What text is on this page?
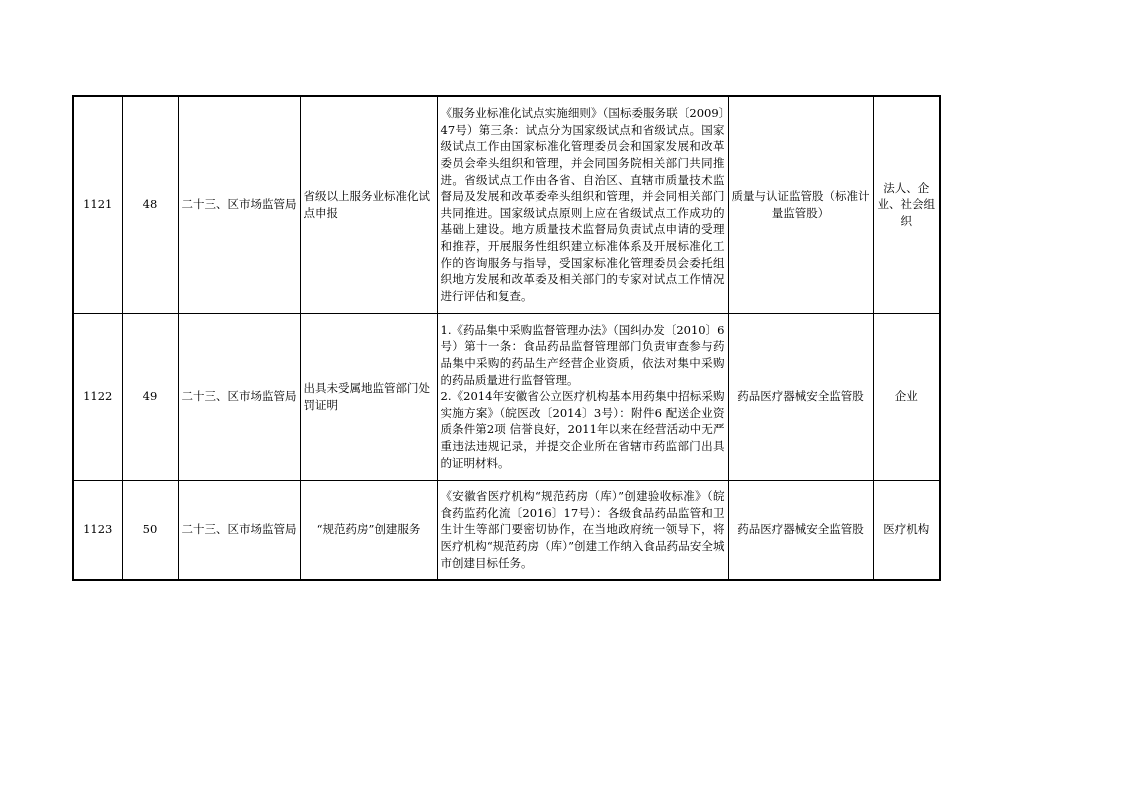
1121	48	二十三、区市场监管局	省级以上服务业标准化试点申报	《服务业标准化试点实施细则》（国标委服务联〔2009〕47号）第三条：试点分为国家级试点和省级试点。国家级试点工作由国家标准化管理委员会和国家发展和改革委员会牵头组织和管理，并会同国务院相关部门共同推进。省级试点工作由各省、自治区、直辖市质量技术监督局及发展和改革委牵头组织和管理，并会同相关部门共同推进。国家级试点原则上应在省级试点工作成功的基础上建设。地方质量技术监督局负责试点申请的受理和推荐，开展服务性组织建立标准体系及开展标准化工作的咨询服务与指导，受国家标准化管理委员会委托组织地方发展和改革委及相关部门的专家对试点工作情况进行评估和复查。	质量与认证监管股（标准计量监管股）	法人、企业、社会组织
1122	49	二十三、区市场监管局	出具未受属地监管部门处罚证明	1.《药品集中采购监督管理办法》（国纠办发〔2010〕6号）第十一条：食品药品监督管理部门负责审查参与药品集中采购的药品生产经营企业资质，依法对集中采购的药品质量进行监督管理。
2.《2014年安徽省公立医疗机构基本用药集中招标采购实施方案》（皖医改〔2014〕3号）：附件6 配送企业资质条件第2项 信誉良好，2011年以来在经营活动中无严重违法违规记录，并提交企业所在省辖市药监部门出具的证明材料。	药品医疗器械安全监管股	企业
1123	50	二十三、区市场监管局	“规范药房”创建服务	《安徽省医疗机构“规范药房（库）”创建验收标准》（皖食药监药化流〔2016〕17号）：各级食品药品监管和卫生计生等部门要密切协作，在当地政府统一领导下，将医疗机构“规范药房（库）”创建工作纳入食品药品安全城市创建目标任务。	药品医疗器械安全监管股	医疗机构
